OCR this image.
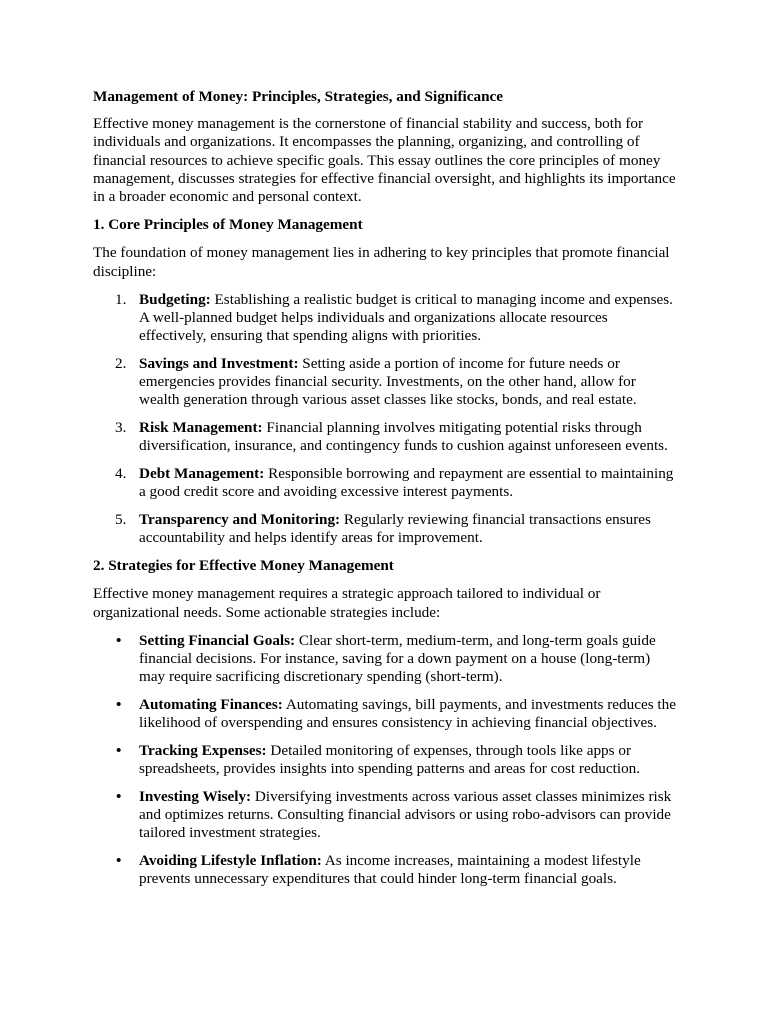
Management of Money: Principles, Strategies, and Significance
Effective money management is the cornerstone of financial stability and success, both for individuals and organizations. It encompasses the planning, organizing, and controlling of financial resources to achieve specific goals. This essay outlines the core principles of money management, discusses strategies for effective financial oversight, and highlights its importance in a broader economic and personal context.
1. Core Principles of Money Management
The foundation of money management lies in adhering to key principles that promote financial discipline:
1. Budgeting: Establishing a realistic budget is critical to managing income and expenses. A well-planned budget helps individuals and organizations allocate resources effectively, ensuring that spending aligns with priorities.
2. Savings and Investment: Setting aside a portion of income for future needs or emergencies provides financial security. Investments, on the other hand, allow for wealth generation through various asset classes like stocks, bonds, and real estate.
3. Risk Management: Financial planning involves mitigating potential risks through diversification, insurance, and contingency funds to cushion against unforeseen events.
4. Debt Management: Responsible borrowing and repayment are essential to maintaining a good credit score and avoiding excessive interest payments.
5. Transparency and Monitoring: Regularly reviewing financial transactions ensures accountability and helps identify areas for improvement.
2. Strategies for Effective Money Management
Effective money management requires a strategic approach tailored to individual or organizational needs. Some actionable strategies include:
• Setting Financial Goals: Clear short-term, medium-term, and long-term goals guide financial decisions. For instance, saving for a down payment on a house (long-term) may require sacrificing discretionary spending (short-term).
• Automating Finances: Automating savings, bill payments, and investments reduces the likelihood of overspending and ensures consistency in achieving financial objectives.
• Tracking Expenses: Detailed monitoring of expenses, through tools like apps or spreadsheets, provides insights into spending patterns and areas for cost reduction.
• Investing Wisely: Diversifying investments across various asset classes minimizes risk and optimizes returns. Consulting financial advisors or using robo-advisors can provide tailored investment strategies.
• Avoiding Lifestyle Inflation: As income increases, maintaining a modest lifestyle prevents unnecessary expenditures that could hinder long-term financial goals.
